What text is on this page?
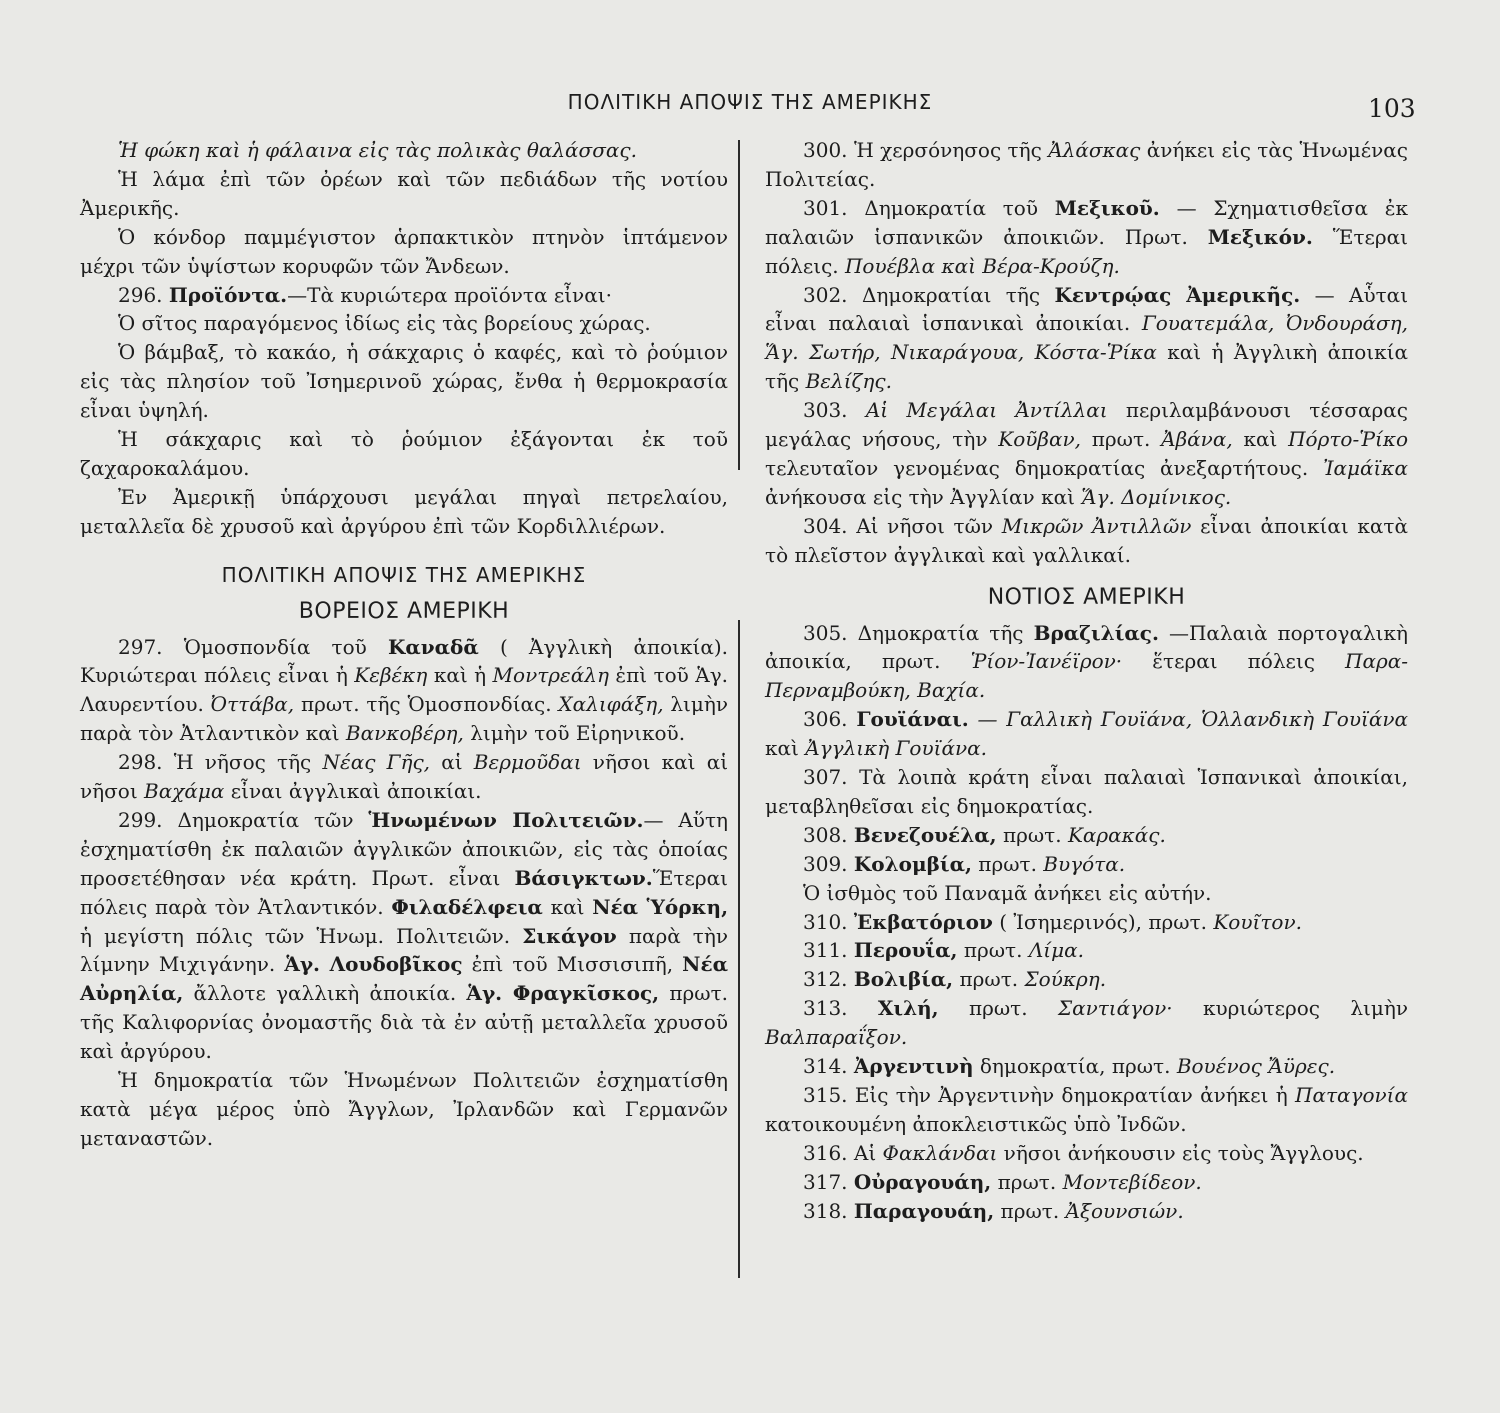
ΠΟΛΙΤΙΚΗ ΑΠΟΨΙΣ ΤΗΣ ΑΜΕΡΙΚΗΣ	103

Ἡ φώκη καὶ ἡ φάλαινα εἰς τὰς πολικὰς θαλάσσας.

Ἡ λάμα ἐπὶ τῶν ὀρέων καὶ τῶν πεδιάδων τῆς νοτίου Ἀμερικῆς.

Ὁ κόνδορ παμμέγιστον ἁρπακτικὸν πτηνὸν ἱπτάμενον μέχρι τῶν ὑψίστων κορυφῶν τῶν Ἄνδεων.

296. Προϊόντα.—Τὰ κυριώτερα προϊόντα εἶναι·

Ὁ σῖτος παραγόμενος ἰδίως εἰς τὰς βορείους χώρας.

Ὁ βάμβαξ, τὸ κακάο, ἡ σάκχαρις ὁ καφές, καὶ τὸ ῥούμιον εἰς τὰς πλησίον τοῦ Ἰσημερινοῦ χώρας, ἔνθα ἡ θερμοκρασία εἶναι ὑψηλή.

Ἡ σάκχαρις καὶ τὸ ῥούμιον ἐξάγονται ἐκ τοῦ ζαχαροκαλάμου.

Ἐν Ἀμερικῇ ὑπάρχουσι μεγάλαι πηγαὶ πετρελαίου, μεταλλεῖα δὲ χρυσοῦ καὶ ἀργύρου ἐπὶ τῶν Κορδιλλιέρων.

ΠΟΛΙΤΙΚΗ ΑΠΟΨΙΣ ΤΗΣ ΑΜΕΡΙΚΗΣ

ΒΟΡΕΙΟΣ ΑΜΕΡΙΚΗ

297. Ὁμοσπονδία τοῦ Καναδᾶ ( Ἀγγλικὴ ἀποικία). Κυριώτεραι πόλεις εἶναι ἡ Κεβέκη καὶ ἡ Μοντρεάλη ἐπὶ τοῦ Ἁγ. Λαυρεντίου. Ὀττάβα, πρωτ. τῆς Ὁμοσπονδίας. Χαλιφάξη, λιμὴν παρὰ τὸν Ἀτλαντικὸν καὶ Βανκοβέρη, λιμὴν τοῦ Εἰρηνικοῦ.

298. Ἡ νῆσος τῆς Νέας Γῆς, αἱ Βερμοῦδαι νῆσοι καὶ αἱ νῆσοι Βαχάμα εἶναι ἀγγλικαὶ ἀποικίαι.

299. Δημοκρατία τῶν Ἡνωμένων Πολιτειῶν.— Αὕτη ἐσχηματίσθη ἐκ παλαιῶν ἀγγλικῶν ἀποικιῶν, εἰς τὰς ὁποίας προσετέθησαν νέα κράτη. Πρωτ. εἶναι Βάσιγκτων.Ἕτεραι πόλεις παρὰ τὸν Ἀτλαντικόν. Φιλαδέλφεια καὶ Νέα Ὑόρκη, ἡ μεγίστη πόλις τῶν Ἡνωμ. Πολιτειῶν. Σικάγον παρὰ τὴν λίμνην Μιχιγάνην. Ἁγ. Λουδοβῖκος ἐπὶ τοῦ Μισσισιπῆ, Νέα Αὐρηλία, ἄλλοτε γαλλικὴ ἀποικία. Ἁγ. Φραγκῖσκος, πρωτ. τῆς Καλιφορνίας ὀνομαστῆς διὰ τὰ ἐν αὐτῇ μεταλλεῖα χρυσοῦ καὶ ἀργύρου.

Ἡ δημοκρατία τῶν Ἡνωμένων Πολιτειῶν ἐσχηματίσθη κατὰ μέγα μέρος ὑπὸ Ἄγγλων, Ἰρλανδῶν καὶ Γερμανῶν μεταναστῶν.

300. Ἡ χερσόνησος τῆς Ἀλάσκας ἀνήκει εἰς τὰς Ἡνωμένας Πολιτείας.

301. Δημοκρατία τοῦ Μεξικοῦ. — Σχηματισθεῖσα ἐκ παλαιῶν ἱσπανικῶν ἀποικιῶν. Πρωτ. Μεξικόν. Ἕτεραι πόλεις. Πουέβλα καὶ Βέρα-Κρούζη.

302. Δημοκρατίαι τῆς Κεντρῴας Ἀμερικῆς. — Αὗται εἶναι παλαιαὶ ἱσπανικαὶ ἀποικίαι. Γουατεμάλα, Ὀνδουράση, Ἅγ. Σωτήρ, Νικαράγουα, Κόστα-Ῥίκα καὶ ἡ Ἀγγλικὴ ἀποικία τῆς Βελίζης.

303. Αἱ Μεγάλαι Ἀντίλλαι περιλαμβάνουσι τέσσαρας μεγάλας νήσους, τὴν Κοῦβαν, πρωτ. Ἀβάνα, καὶ Πόρτο-Ῥίκο τελευταῖον γενομένας δημοκρατίας ἀνεξαρτήτους. Ἰαμάϊκα ἀνήκουσα εἰς τὴν Ἀγγλίαν καὶ Ἅγ. Δομίνικος.

304. Αἱ νῆσοι τῶν Μικρῶν Ἀντιλλῶν εἶναι ἀποικίαι κατὰ τὸ πλεῖστον ἀγγλικαὶ καὶ γαλλικαί.

ΝΟΤΙΟΣ ΑΜΕΡΙΚΗ

305. Δημοκρατία τῆς Βραζιλίας. —Παλαιὰ πορτογαλικὴ ἀποικία, πρωτ. Ῥίον-Ἰανέϊρον· ἕτεραι πόλεις Παρα-Περναμβούκη, Βαχία.

306. Γουϊάναι. — Γαλλικὴ Γουϊάνα, Ὁλλανδικὴ Γουϊάνα καὶ Ἀγγλικὴ Γουϊάνα.

307. Τὰ λοιπὰ κράτη εἶναι παλαιαὶ Ἱσπανικαὶ ἀποικίαι, μεταβληθεῖσαι εἰς δημοκρατίας.

308. Βενεζουέλα, πρωτ. Καρακάς.

309. Κολομβία, πρωτ. Βυγότα.

Ὁ ἰσθμὸς τοῦ Παναμᾶ ἀνήκει εἰς αὐτήν.

310. Ἐκβατόριον ( Ἰσημερινός), πρωτ. Κουῖτον.

311. Περουΐα, πρωτ. Λίμα.

312. Βολιβία, πρωτ. Σούκρη.

313. Χιλή, πρωτ. Σαντιάγον· κυριώτερος λιμὴν Βαλπαραΐξον.

314. Ἀργεντινὴ δημοκρατία, πρωτ. Βουένος Ἄϋρες.

315. Εἰς τὴν Ἀργεντινὴν δημοκρατίαν ἀνήκει ἡ Παταγονία κατοικουμένη ἀποκλειστικῶς ὑπὸ Ἰνδῶν.

316. Αἱ Φακλάνδαι νῆσοι ἀνήκουσιν εἰς τοὺς Ἄγγλους.

317. Οὐραγουάη, πρωτ. Μοντεβίδεον.

318. Παραγουάη, πρωτ. Ἀξουνσιών.
